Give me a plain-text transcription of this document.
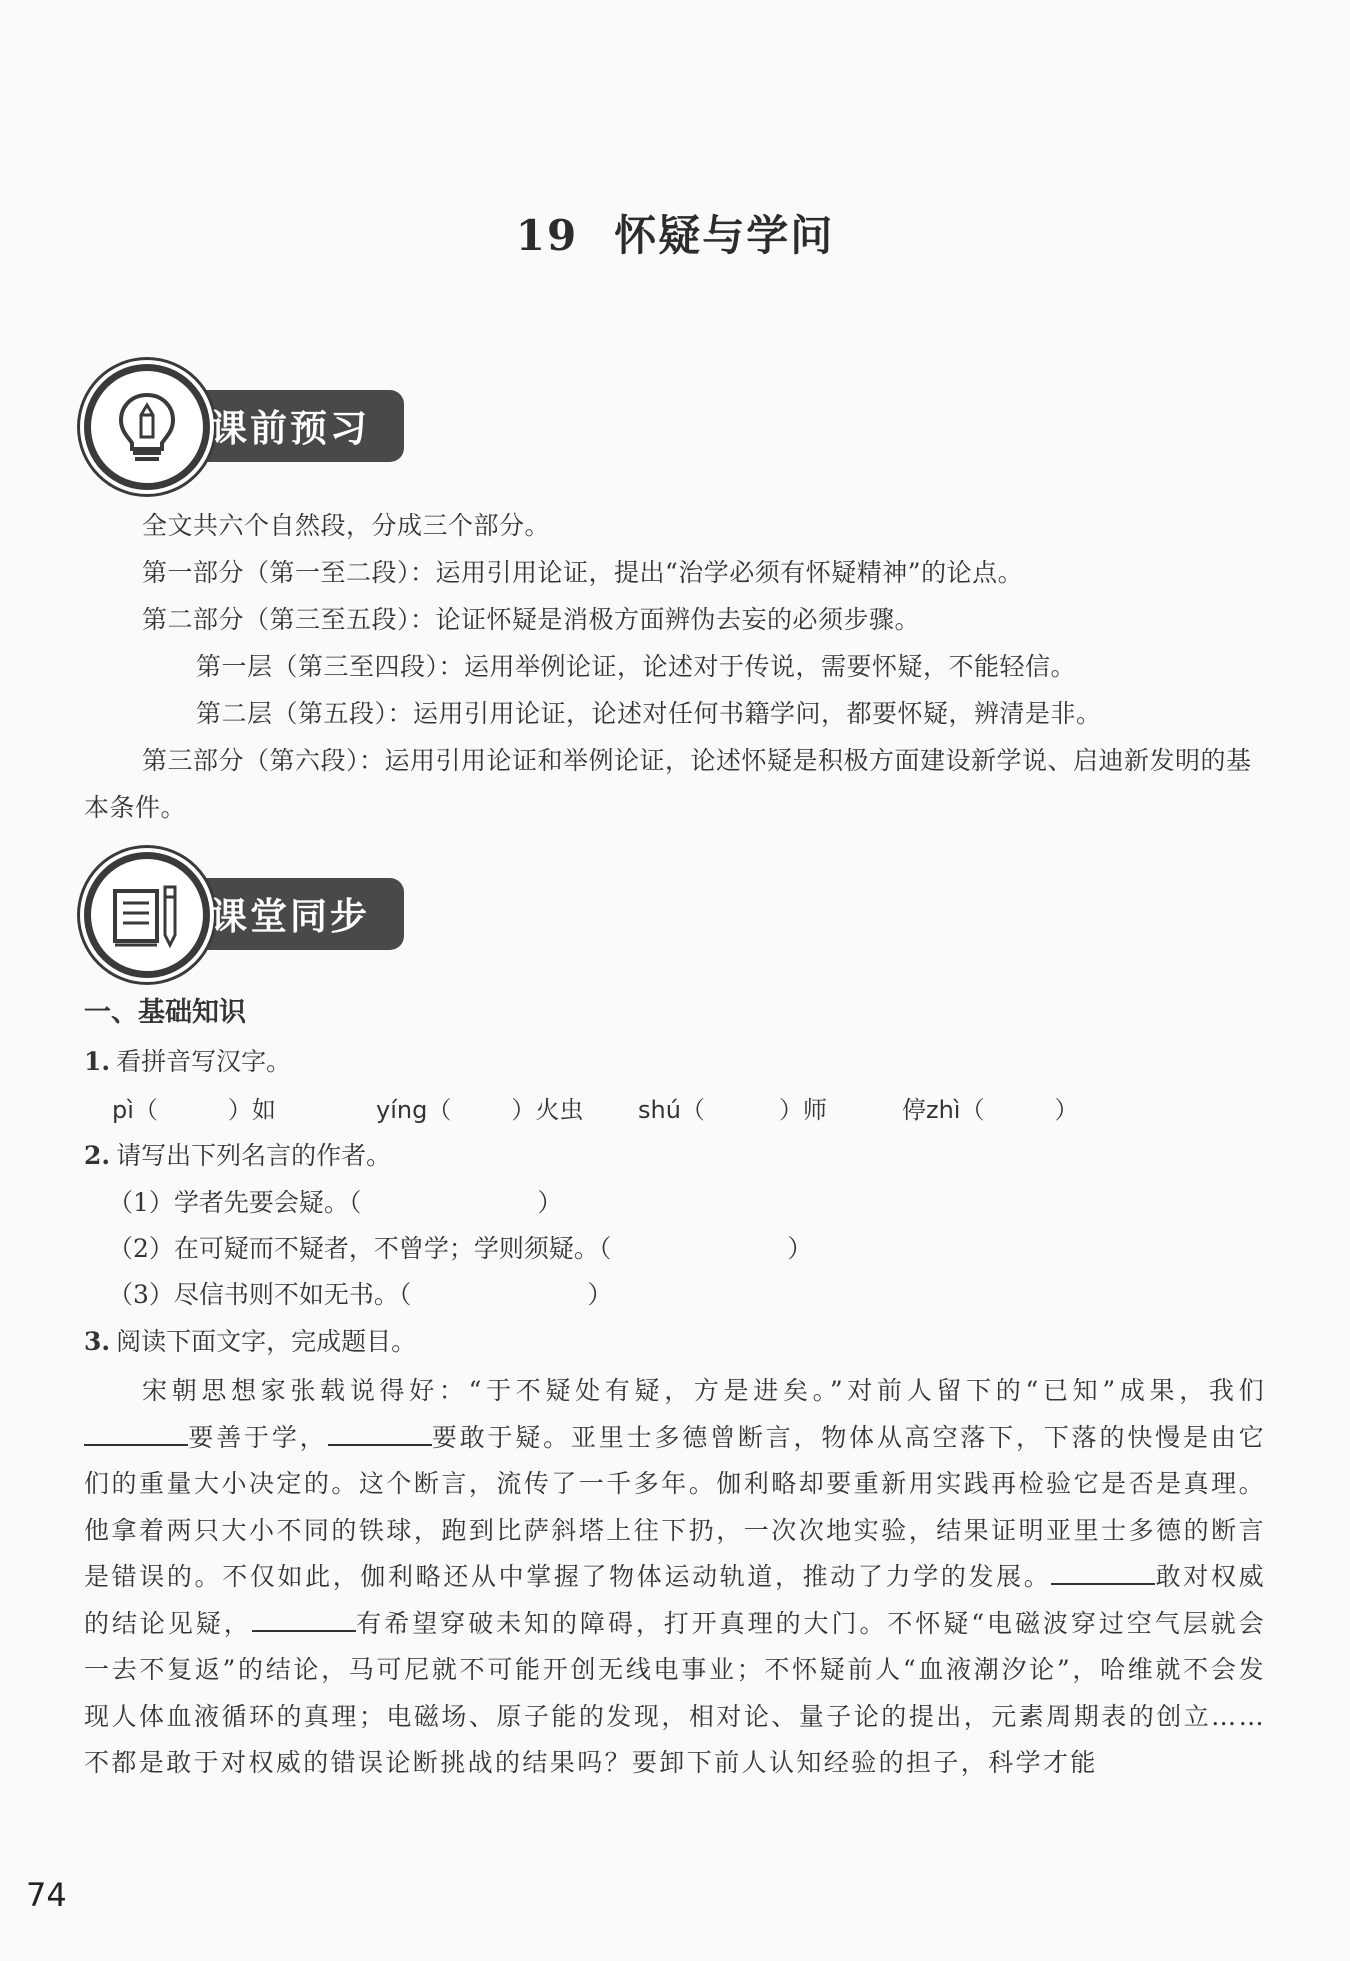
19 怀疑与学问
课前预习

全文共六个自然段，分成三个部分。

第一部分（第一至二段）：运用引用论证，提出“治学必须有怀疑精神”的论点。

第二部分（第三至五段）：论证怀疑是消极方面辨伪去妄的必须步骤。

第一层（第三至四段）：运用举例论证，论述对于传说，需要怀疑，不能轻信。

第二层（第五段）：运用引用论证，论述对任何书籍学问，都要怀疑，辨清是非。

第三部分（第六段）：运用引用论证和举例论证，论述怀疑是积极方面建设新学说、启迪新发明的基本条件。

课堂同步
一、基础知识
1. 看拼音写汉字。
pì（	）如	yíng（	）火虫 shú（	）师	停zhì（	）
2. 请写出下列名言的作者。
（1）学者先要会疑。（	）
（2）在可疑而不疑者，不曾学；学则须疑。（	）
（3）尽信书则不如无书。（	）
3. 阅读下面文字，完成题目。
宋朝思想家张载说得好：“于不疑处有疑，方是进矣。”对前人留下的“已知”成果，我们要善于学，	要敢于疑。亚里士多德曾断言，物体从高空落下，下落的快慢是由它们的重量大小决定的。这个断言，流传了一千多年。伽利略却要重新用实践再检验它是否是真理。他拿着两只大小不同的铁球，跑到比萨斜塔上往下扔，一次次地实验，结果证明亚里士多德的断言是错误的。不仅如此，伽利略还从中掌握了物体运动轨道，推动了力学的发展。	敢对权威的结论见疑，	有希望穿破未知的障碍，打开真理的大门。不怀疑“电磁波穿过空气层就会一去不复返”的结论，马可尼就不可能开创无线电事业；不怀疑前人“血液潮汐论”，哈维就不会发现人体血液循环的真理；电磁场、原子能的发现，相对论、量子论的提出，元素周期表的创立……不都是敢于对权威的错误论断挑战的结果吗？要卸下前人认知经验的担子，科学才能
74
